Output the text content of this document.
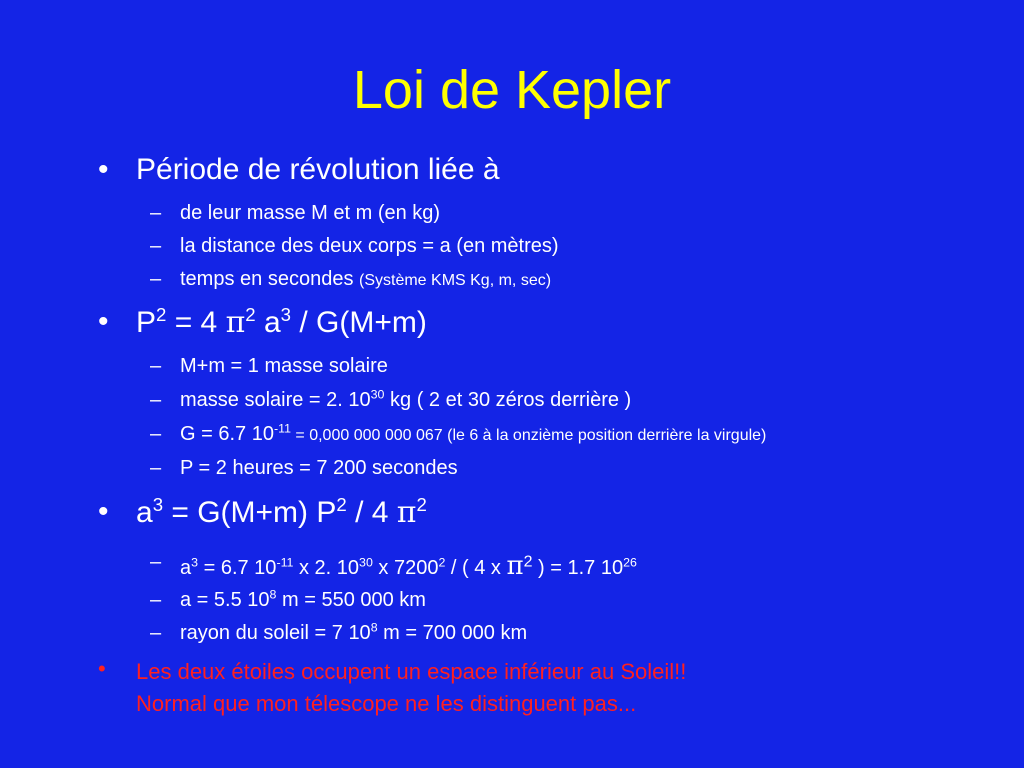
Loi de Kepler
• Période de révolution liée à
– de leur masse M et m (en kg)
– la distance des deux corps = a (en mètres)
– temps en secondes (Système KMS Kg, m, sec)
• $P^2 = 4$ $\pi^2$ $a^3 / G(M+m)$
– M+m = 1 masse solaire
– masse solaire = 2. $10^{30}$ kg ( 2 et 30 zéros derrière )
– G = 6.7 $10^{-11} = 0,000$ 000 000 067 (le 6 à la onzième position derrière la virgule)
– P = 2 heures = 7 200 secondes
• $a^3 = G(M+m)$ $P^2 / 4$ $\pi^2$
– $a^3 = 6.7$ $10^{-11}$ x 2. $10^{30}$ x 7200$^2$ / ( 4 x $\pi^2$ ) = 1.7 $10^{26}$
– a = 5.5 $10^8$ m = 550 000 km
– rayon du soleil = 7 $10^8$ m = 700 000 km
• Les deux étoiles occupent un espace inférieur au Soleil!!
Normal que mon télescope ne les distinguent pas...
